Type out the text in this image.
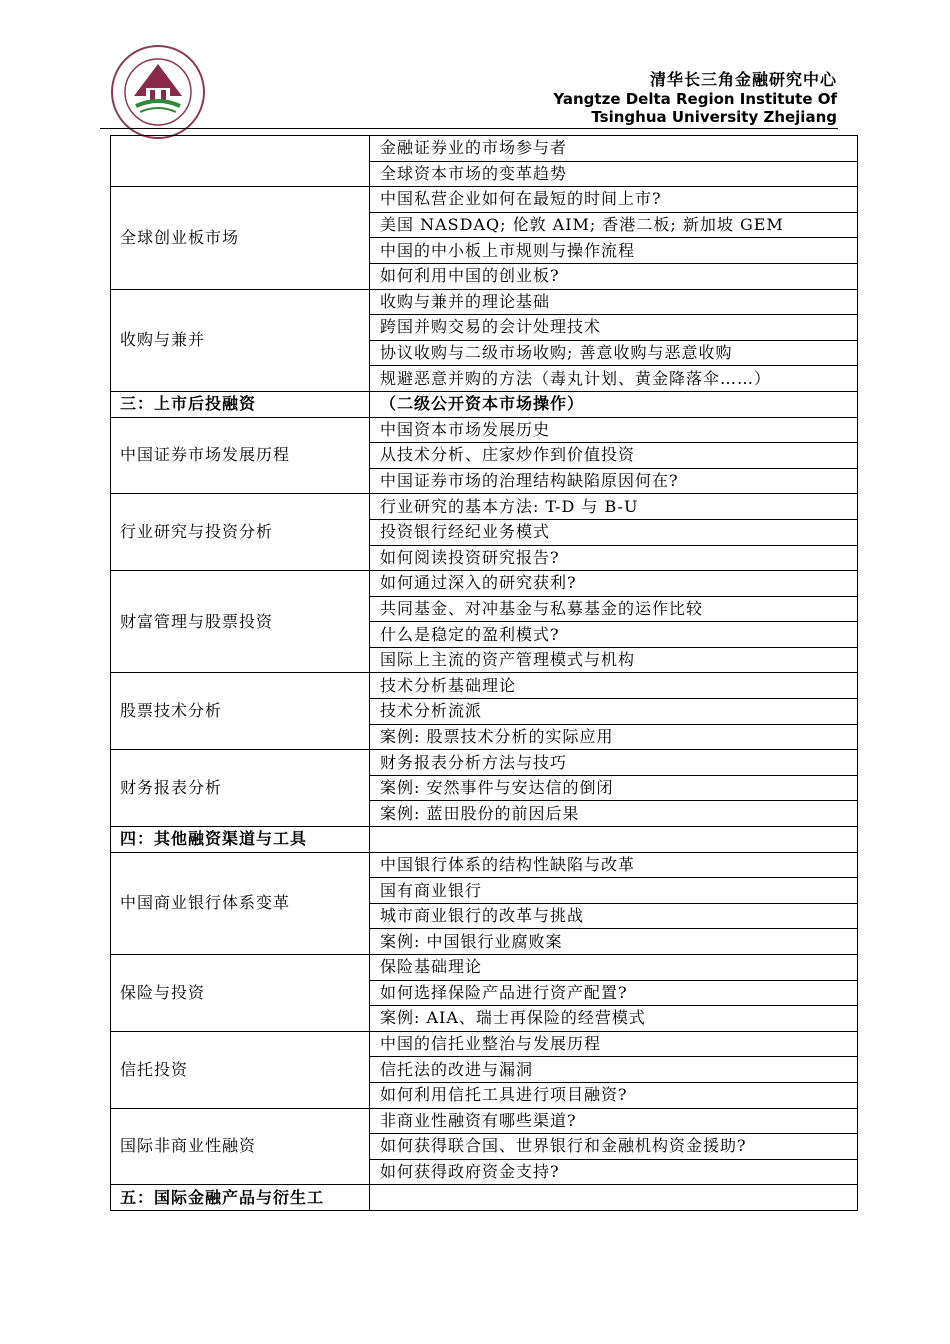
清华长三角金融研究中心
Yangtze Delta Region Institute Of
Tsinghua University Zhejiang
	金融证券业的市场参与者
	全球资本市场的变革趋势
全球创业板市场	中国私营企业如何在最短的时间上市?
	美国 NASDAQ; 伦敦 AIM; 香港二板; 新加坡 GEM
	中国的中小板上市规则与操作流程
	如何利用中国的创业板?
收购与兼并	收购与兼并的理论基础
	跨国并购交易的会计处理技术
	协议收购与二级市场收购; 善意收购与恶意收购
	规避恶意并购的方法（毒丸计划、黄金降落伞……）
三：上市后投融资	（二级公开资本市场操作）
中国证券市场发展历程	中国资本市场发展历史
	从技术分析、庄家炒作到价值投资
	中国证券市场的治理结构缺陷原因何在?
行业研究与投资分析	行业研究的基本方法: T-D 与 B-U
	投资银行经纪业务模式
	如何阅读投资研究报告?
财富管理与股票投资	如何通过深入的研究获利?
	共同基金、对冲基金与私募基金的运作比较
	什么是稳定的盈利模式?
	国际上主流的资产管理模式与机构
股票技术分析	技术分析基础理论
	技术分析流派
	案例: 股票技术分析的实际应用
财务报表分析	财务报表分析方法与技巧
	案例: 安然事件与安达信的倒闭
	案例: 蓝田股份的前因后果
四：其他融资渠道与工具	
中国商业银行体系变革	中国银行体系的结构性缺陷与改革
	国有商业银行
	城市商业银行的改革与挑战
	案例: 中国银行业腐败案
保险与投资	保险基础理论
	如何选择保险产品进行资产配置?
	案例: AIA、瑞士再保险的经营模式
信托投资	中国的信托业整治与发展历程
	信托法的改进与漏洞
	如何利用信托工具进行项目融资?
国际非商业性融资	非商业性融资有哪些渠道?
	如何获得联合国、世界银行和金融机构资金援助?
	如何获得政府资金支持?
五：国际金融产品与衍生工	
